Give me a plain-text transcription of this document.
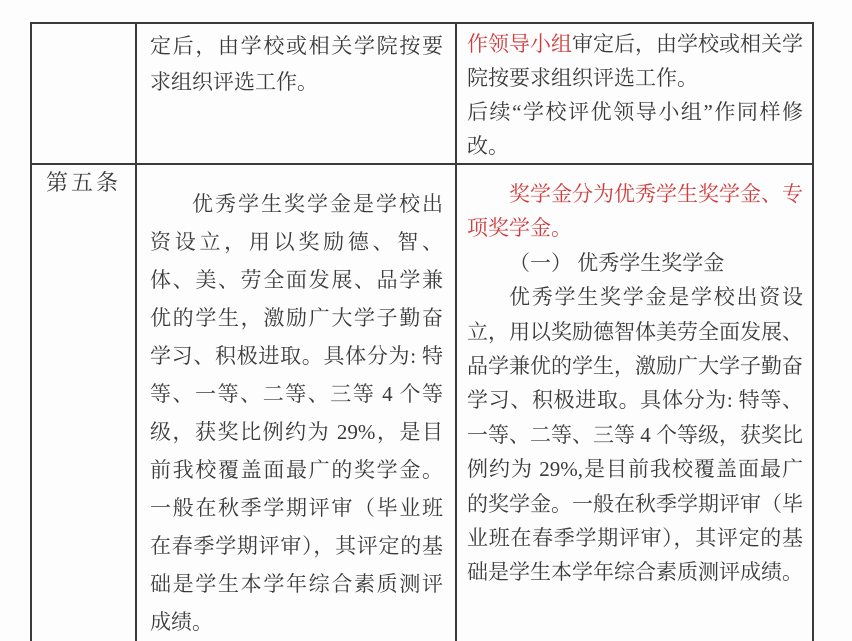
	定后，由学校或相关学院按要求组织评选工作。	作领导小组审定后，由学校或相关学院按要求组织评选工作。

后续“学校评优领导小组”作同样修改。

第五条	优秀学生奖学金是学校出资设立，用以奖励德、智、体、美、劳全面发展、品学兼优的学生，激励广大学子勤奋学习、积极进取。具体分为: 特等、一等、二等、三等 4 个等级，获奖比例约为 29%，是目前我校覆盖面最广的奖学金。一般在秋季学期评审（毕业班在春季学期评审），其评定的基础是学生本学年综合素质测评成绩。	奖学金分为优秀学生奖学金、专项奖学金。

（一） 优秀学生奖学金

优秀学生奖学金是学校出资设立，用以奖励德智体美劳全面发展、品学兼优的学生，激励广大学子勤奋学习、积极进取。具体分为: 特等、一等、二等、三等 4 个等级，获奖比例约为 29%,是目前我校覆盖面最广的奖学金。一般在秋季学期评审（毕业班在春季学期评审），其评定的基础是学生本学年综合素质测评成绩。
